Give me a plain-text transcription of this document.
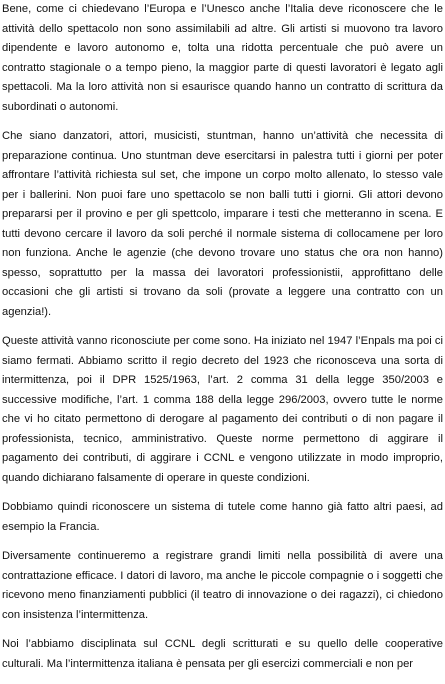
Bene, come ci chiedevano l’Europa e l’Unesco anche l’Italia deve riconoscere che le attività dello spettacolo non sono assimilabili ad altre. Gli artisti si muovono tra lavoro dipendente e lavoro autonomo e, tolta una ridotta percentuale che può avere un contratto stagionale o a tempo pieno, la maggior parte di questi lavoratori è legato agli spettacoli. Ma la loro attività non si esaurisce quando hanno un contratto di scrittura da subordinati o autonomi.

Che siano danzatori, attori, musicisti, stuntman, hanno un’attività che necessita di preparazione continua. Uno stuntman deve esercitarsi in palestra tutti i giorni per poter affrontare l’attività richiesta sul set, che impone un corpo molto allenato, lo stesso vale per i ballerini. Non puoi fare uno spettacolo se non balli tutti i giorni. Gli attori devono prepararsi per il provino e per gli spettcolo, imparare i testi che metteranno in scena. E tutti devono cercare il lavoro da soli perché il normale sistema di collocamene per loro non funziona. Anche le agenzie (che devono trovare uno status che ora non hanno) spesso, soprattutto per la massa dei lavoratori professionistii, approfittano delle occasioni che gli artisti si trovano da soli (provate a leggere una contratto con un agenzia!).

Queste attività vanno riconosciute per come sono. Ha iniziato nel 1947 l’Enpals ma poi ci siamo fermati. Abbiamo scritto il regio decreto del 1923 che riconosceva una sorta di intermittenza, poi il DPR 1525/1963, l’art. 2 comma 31 della legge 350/2003 e successive modifiche, l’art. 1 comma 188 della legge 296/2003, ovvero tutte le norme che vi ho citato permettono di derogare al pagamento dei contributi o di non pagare il professionista, tecnico, amministrativo. Queste norme permettono di aggirare il pagamento dei contributi, di aggirare i CCNL e vengono utilizzate in modo improprio, quando dichiarano falsamente di operare in queste condizioni.

Dobbiamo quindi riconoscere un sistema di tutele come hanno già fatto altri paesi, ad esempio la Francia.

Diversamente continueremo a registrare grandi limiti nella possibilità di avere una contrattazione efficace. I datori di lavoro, ma anche le piccole compagnie o i soggetti che ricevono meno finanziamenti pubblici (il teatro di innovazione o dei ragazzi), ci chiedono con insistenza l’intermittenza.

Noi l’abbiamo disciplinata sul CCNL degli scritturati e su quello delle cooperative culturali. Ma l’intermittenza italiana è pensata per gli esercizi commerciali e non per
